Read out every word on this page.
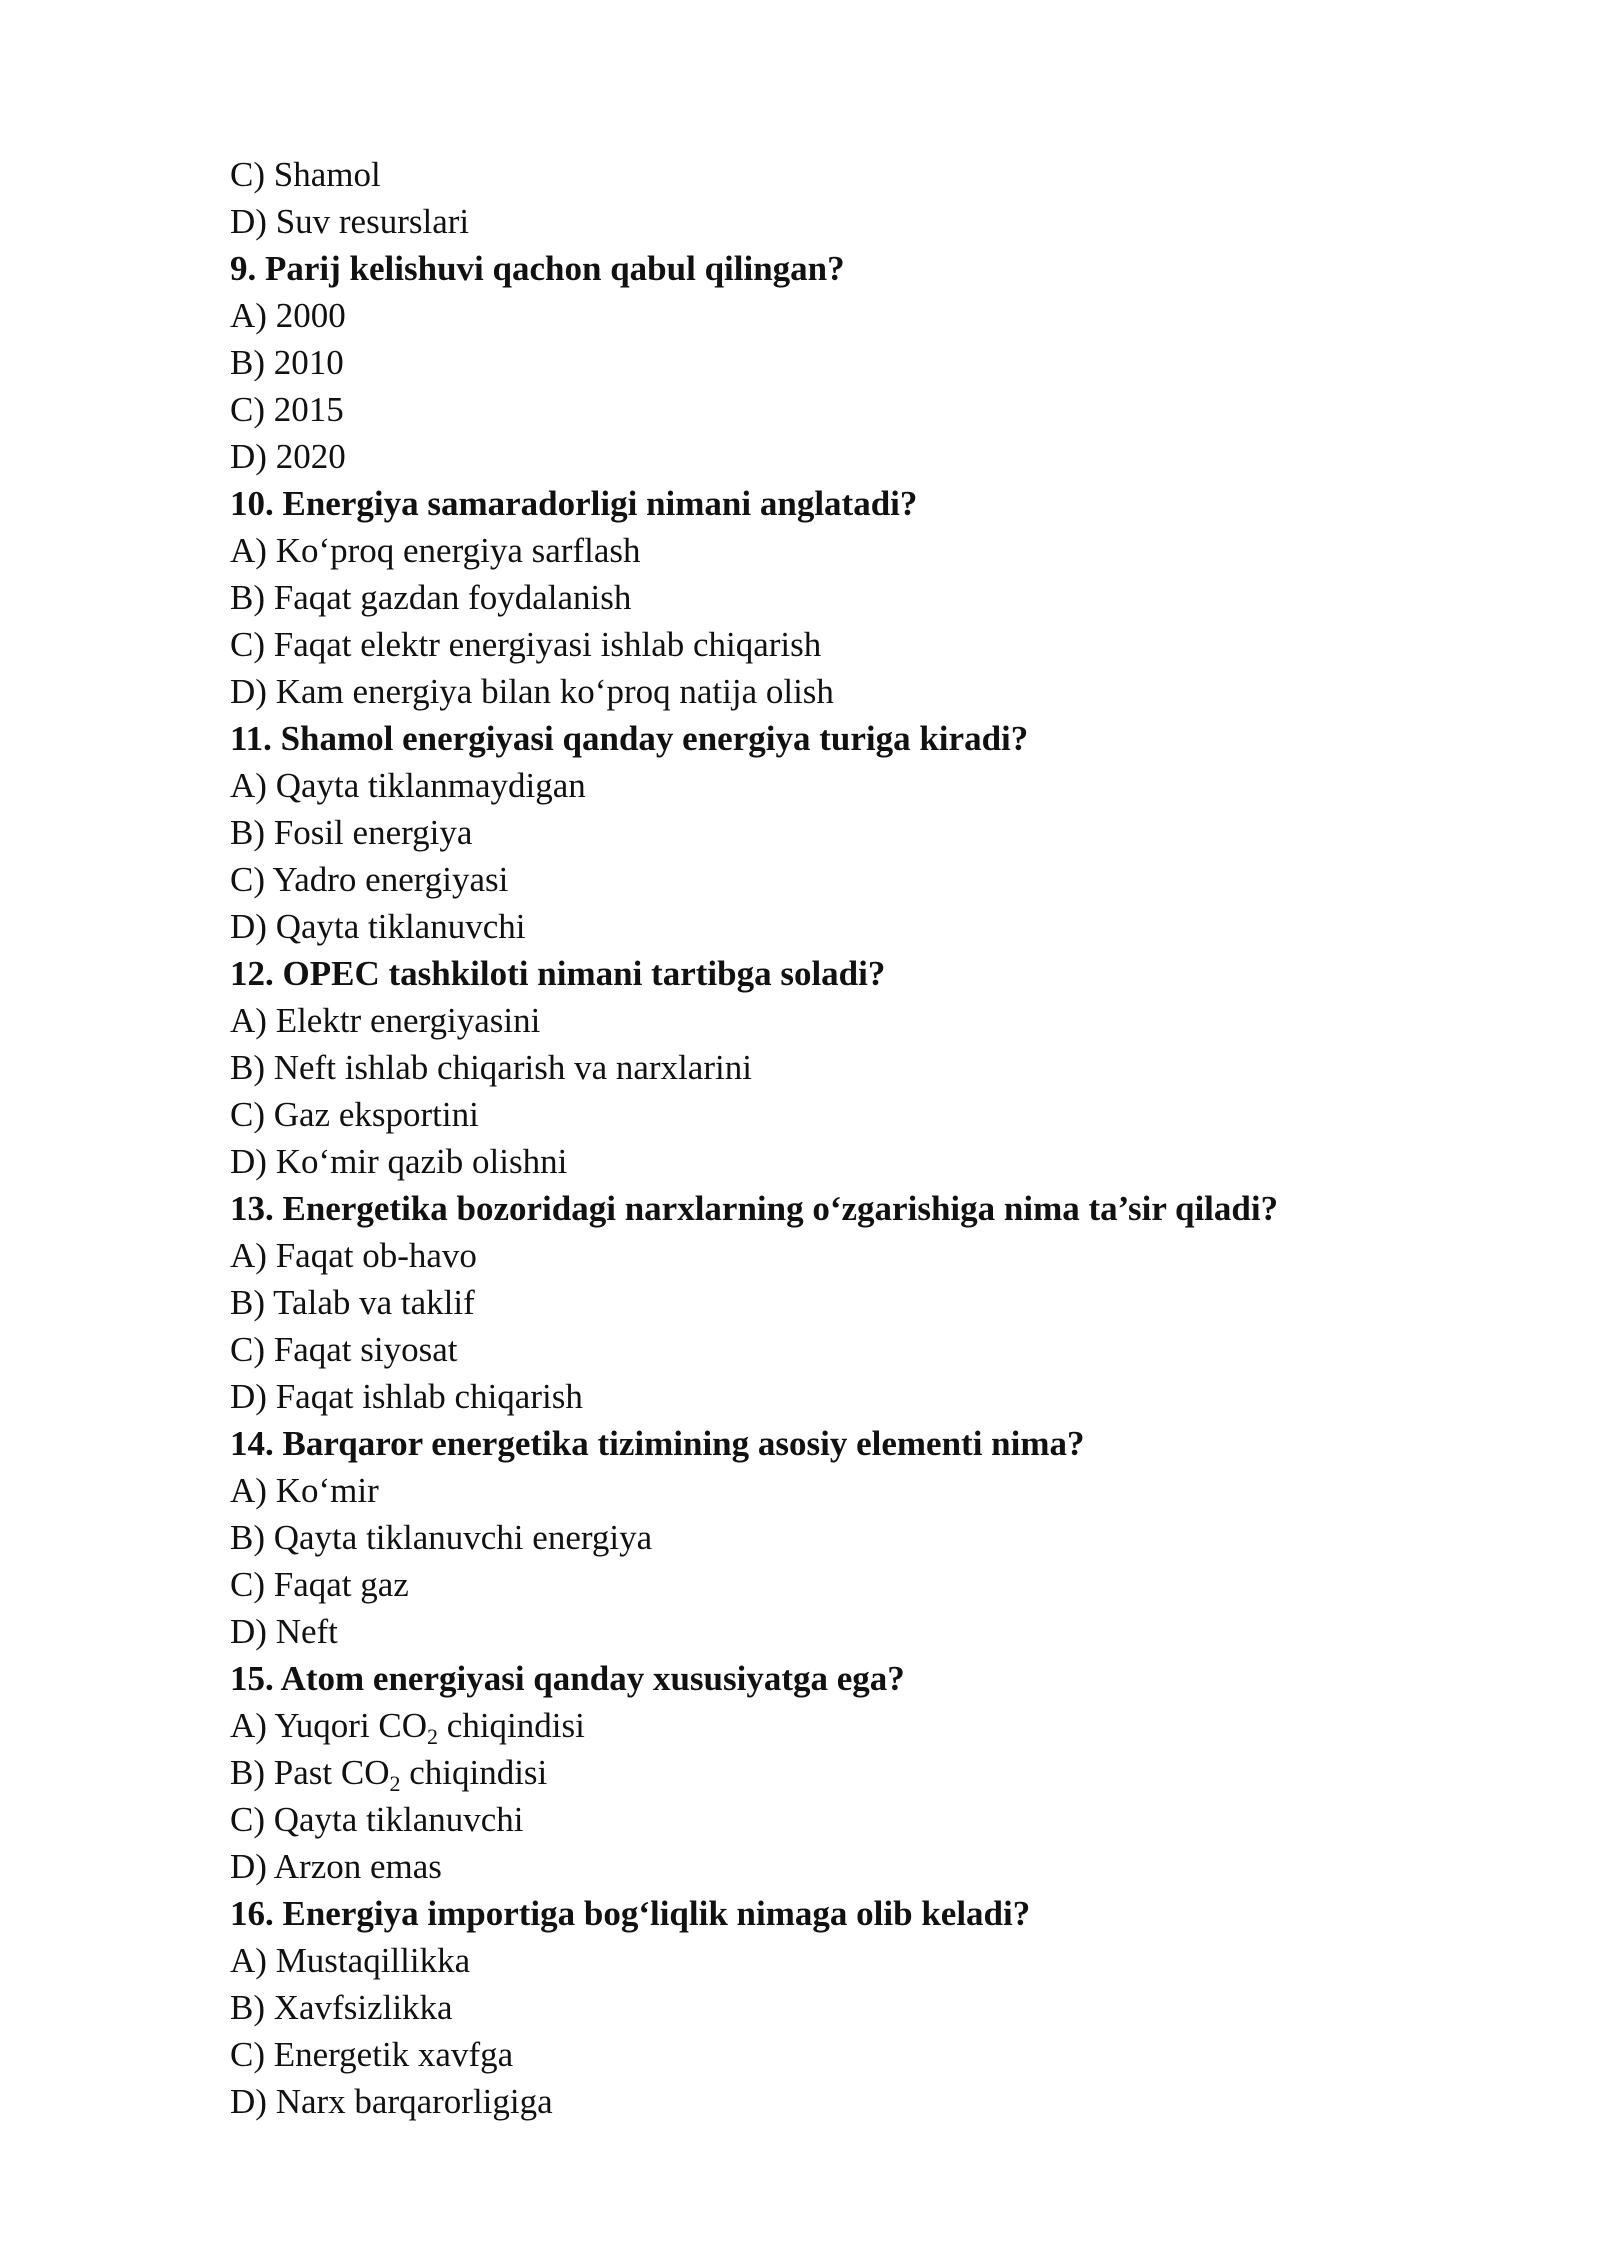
C) Shamol
D) Suv resurslari
9. Parij kelishuvi qachon qabul qilingan?
A) 2000
B) 2010
C) 2015
D) 2020
10. Energiya samaradorligi nimani anglatadi?
A) Ko‘proq energiya sarflash
B) Faqat gazdan foydalanish
C) Faqat elektr energiyasi ishlab chiqarish
D) Kam energiya bilan ko‘proq natija olish
11. Shamol energiyasi qanday energiya turiga kiradi?
A) Qayta tiklanmaydigan
B) Fosil energiya
C) Yadro energiyasi
D) Qayta tiklanuvchi
12. OPEC tashkiloti nimani tartibga soladi?
A) Elektr energiyasini
B) Neft ishlab chiqarish va narxlarini
C) Gaz eksportini
D) Ko‘mir qazib olishni
13. Energetika bozoridagi narxlarning o‘zgarishiga nima ta’sir qiladi?
A) Faqat ob-havo
B) Talab va taklif
C) Faqat siyosat
D) Faqat ishlab chiqarish
14. Barqaror energetika tizimining asosiy elementi nima?
A) Ko‘mir
B) Qayta tiklanuvchi energiya
C) Faqat gaz
D) Neft
15. Atom energiyasi qanday xususiyatga ega?
A) Yuqori $CO_2$ chiqindisi
B) Past $CO_2$ chiqindisi
C) Qayta tiklanuvchi
D) Arzon emas
16. Energiya importiga bog‘liqlik nimaga olib keladi?
A) Mustaqillikka
B) Xavfsizlikka
C) Energetik xavfga
D) Narx barqarorligiga
